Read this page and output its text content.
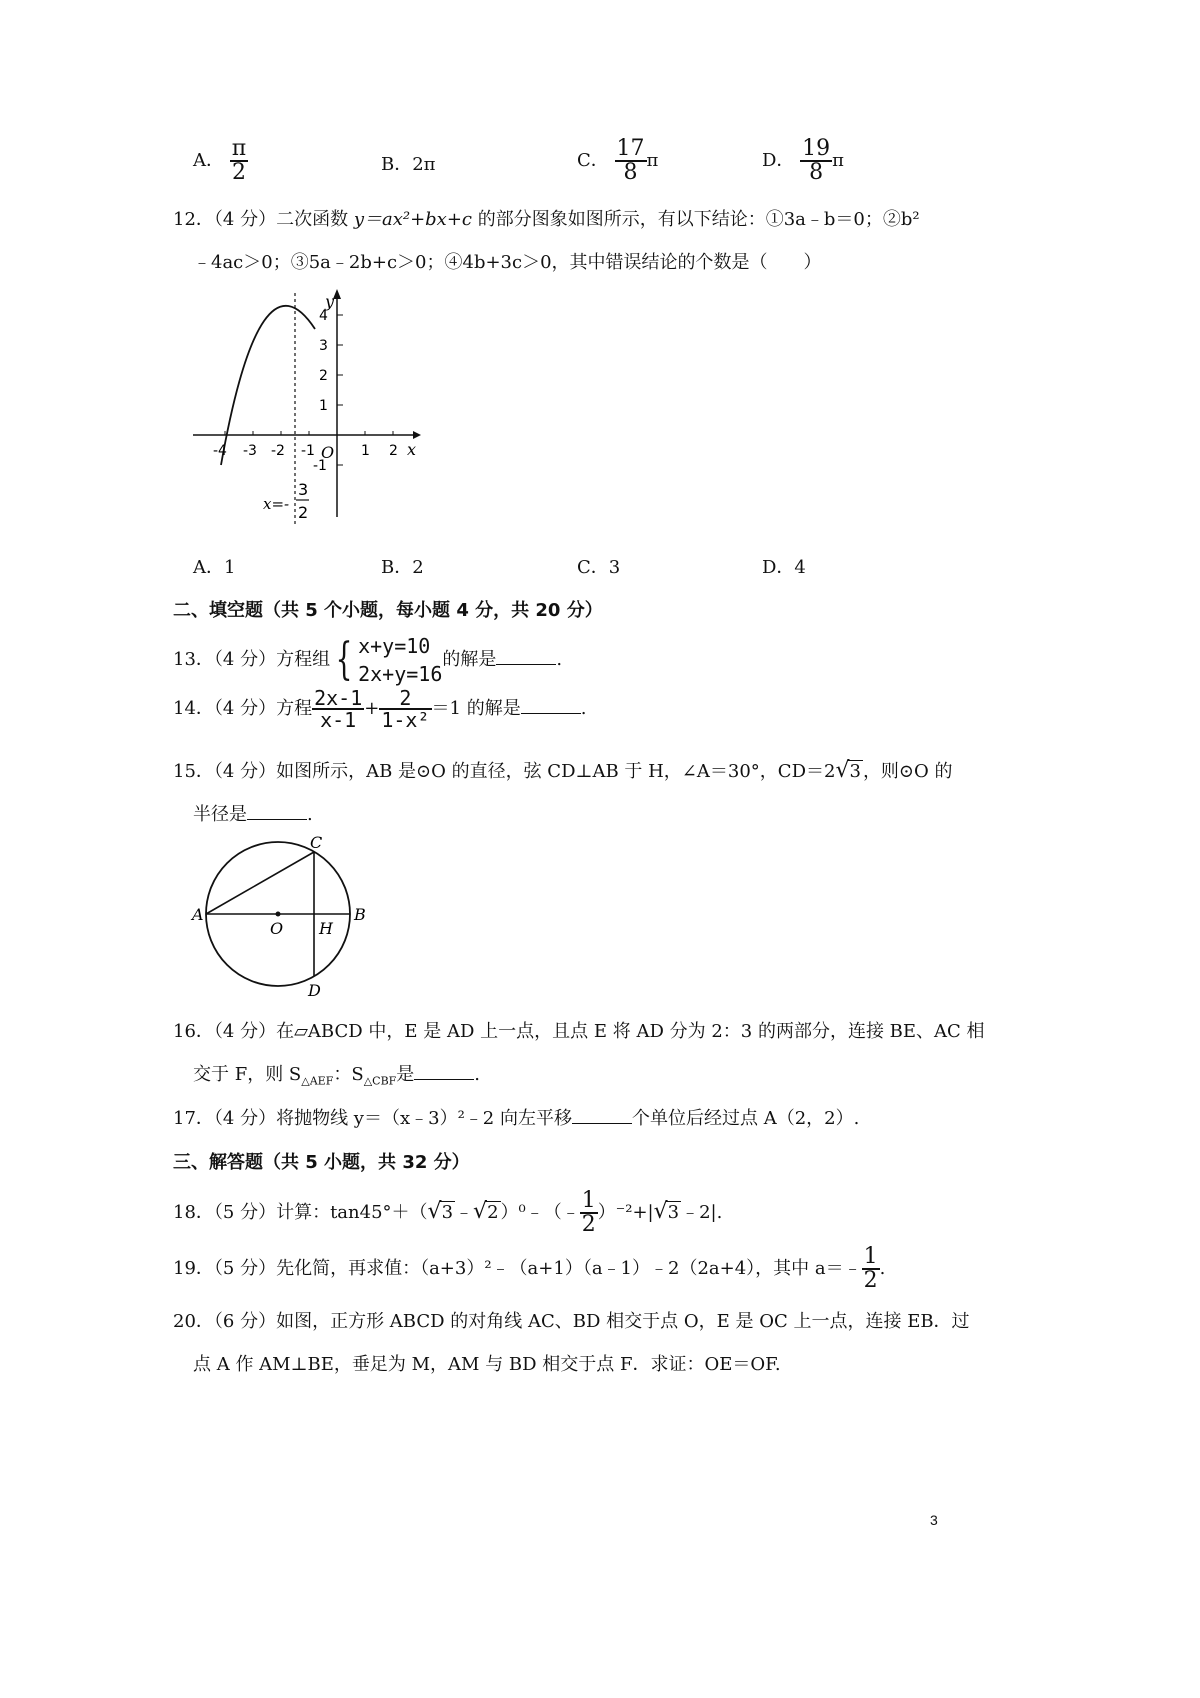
A． $\frac{\pi}{2}$	B．2π	C． $\frac{17}{8}$ π	D． $\frac{19}{8}$ π
12．（4 分）二次函数 y＝ax²+bx+c 的部分图象如图所示，有以下结论：①3a﹣b＝0；②b²
﹣4ac＞0；③5a﹣2b+c＞0；④4b+3c＞0，其中错误结论的个数是（　　）
y
x
O
4
3
2
1
-1
-4 -3 -2 -1	1 2
x=-
3
2
A．1	B．2	C．3	D．4
二、填空题（共 5 个小题，每小题 4 分，共 20 分）
13．（4 分）方程组 { x+y=10
2x+y=16
的解是	.
14．（4 分）方程 $\frac{2x-1}{x-1} + \frac{2}{\text{1-x²}} =1$ 的解是	.
15．（4 分）如图所示，AB 是⊙O 的直径，弦 CD⊥AB 于 H，∠A＝30°，CD＝2√3 ，则⊙O 的
半径是	.
A	B
C
D
O H
16．（4 分）在▱ABCD 中，E 是 AD 上一点，且点 E 将 AD 分为 2：3 的两部分，连接 BE、AC 相
交于 F，则 $S_{\triangle AEF}$：$S_{\triangle CBF}$是	.
17．（4 分）将抛物线 y＝（x﹣3）²﹣2 向左平移	个单位后经过点 A（2，2）.
三、解答题（共 5 小题，共 32 分）
18．（5 分）计算：tan45°＋（√3 ﹣√2 ）⁰﹣（﹣ $\frac{1}{2} )^{-2}+|√3$ ﹣2|.
19．（5 分）先化简，再求值：（a+3）²﹣（a+1）（a﹣1）﹣2（2a+4），其中 a＝﹣ $\frac{1}{2}$ .
20．（6 分）如图，正方形 ABCD 的对角线 AC、BD 相交于点 O，E 是 OC 上一点，连接 EB．过
点 A 作 AM⊥BE，垂足为 M，AM 与 BD 相交于点 F．求证：OE＝OF.
3
